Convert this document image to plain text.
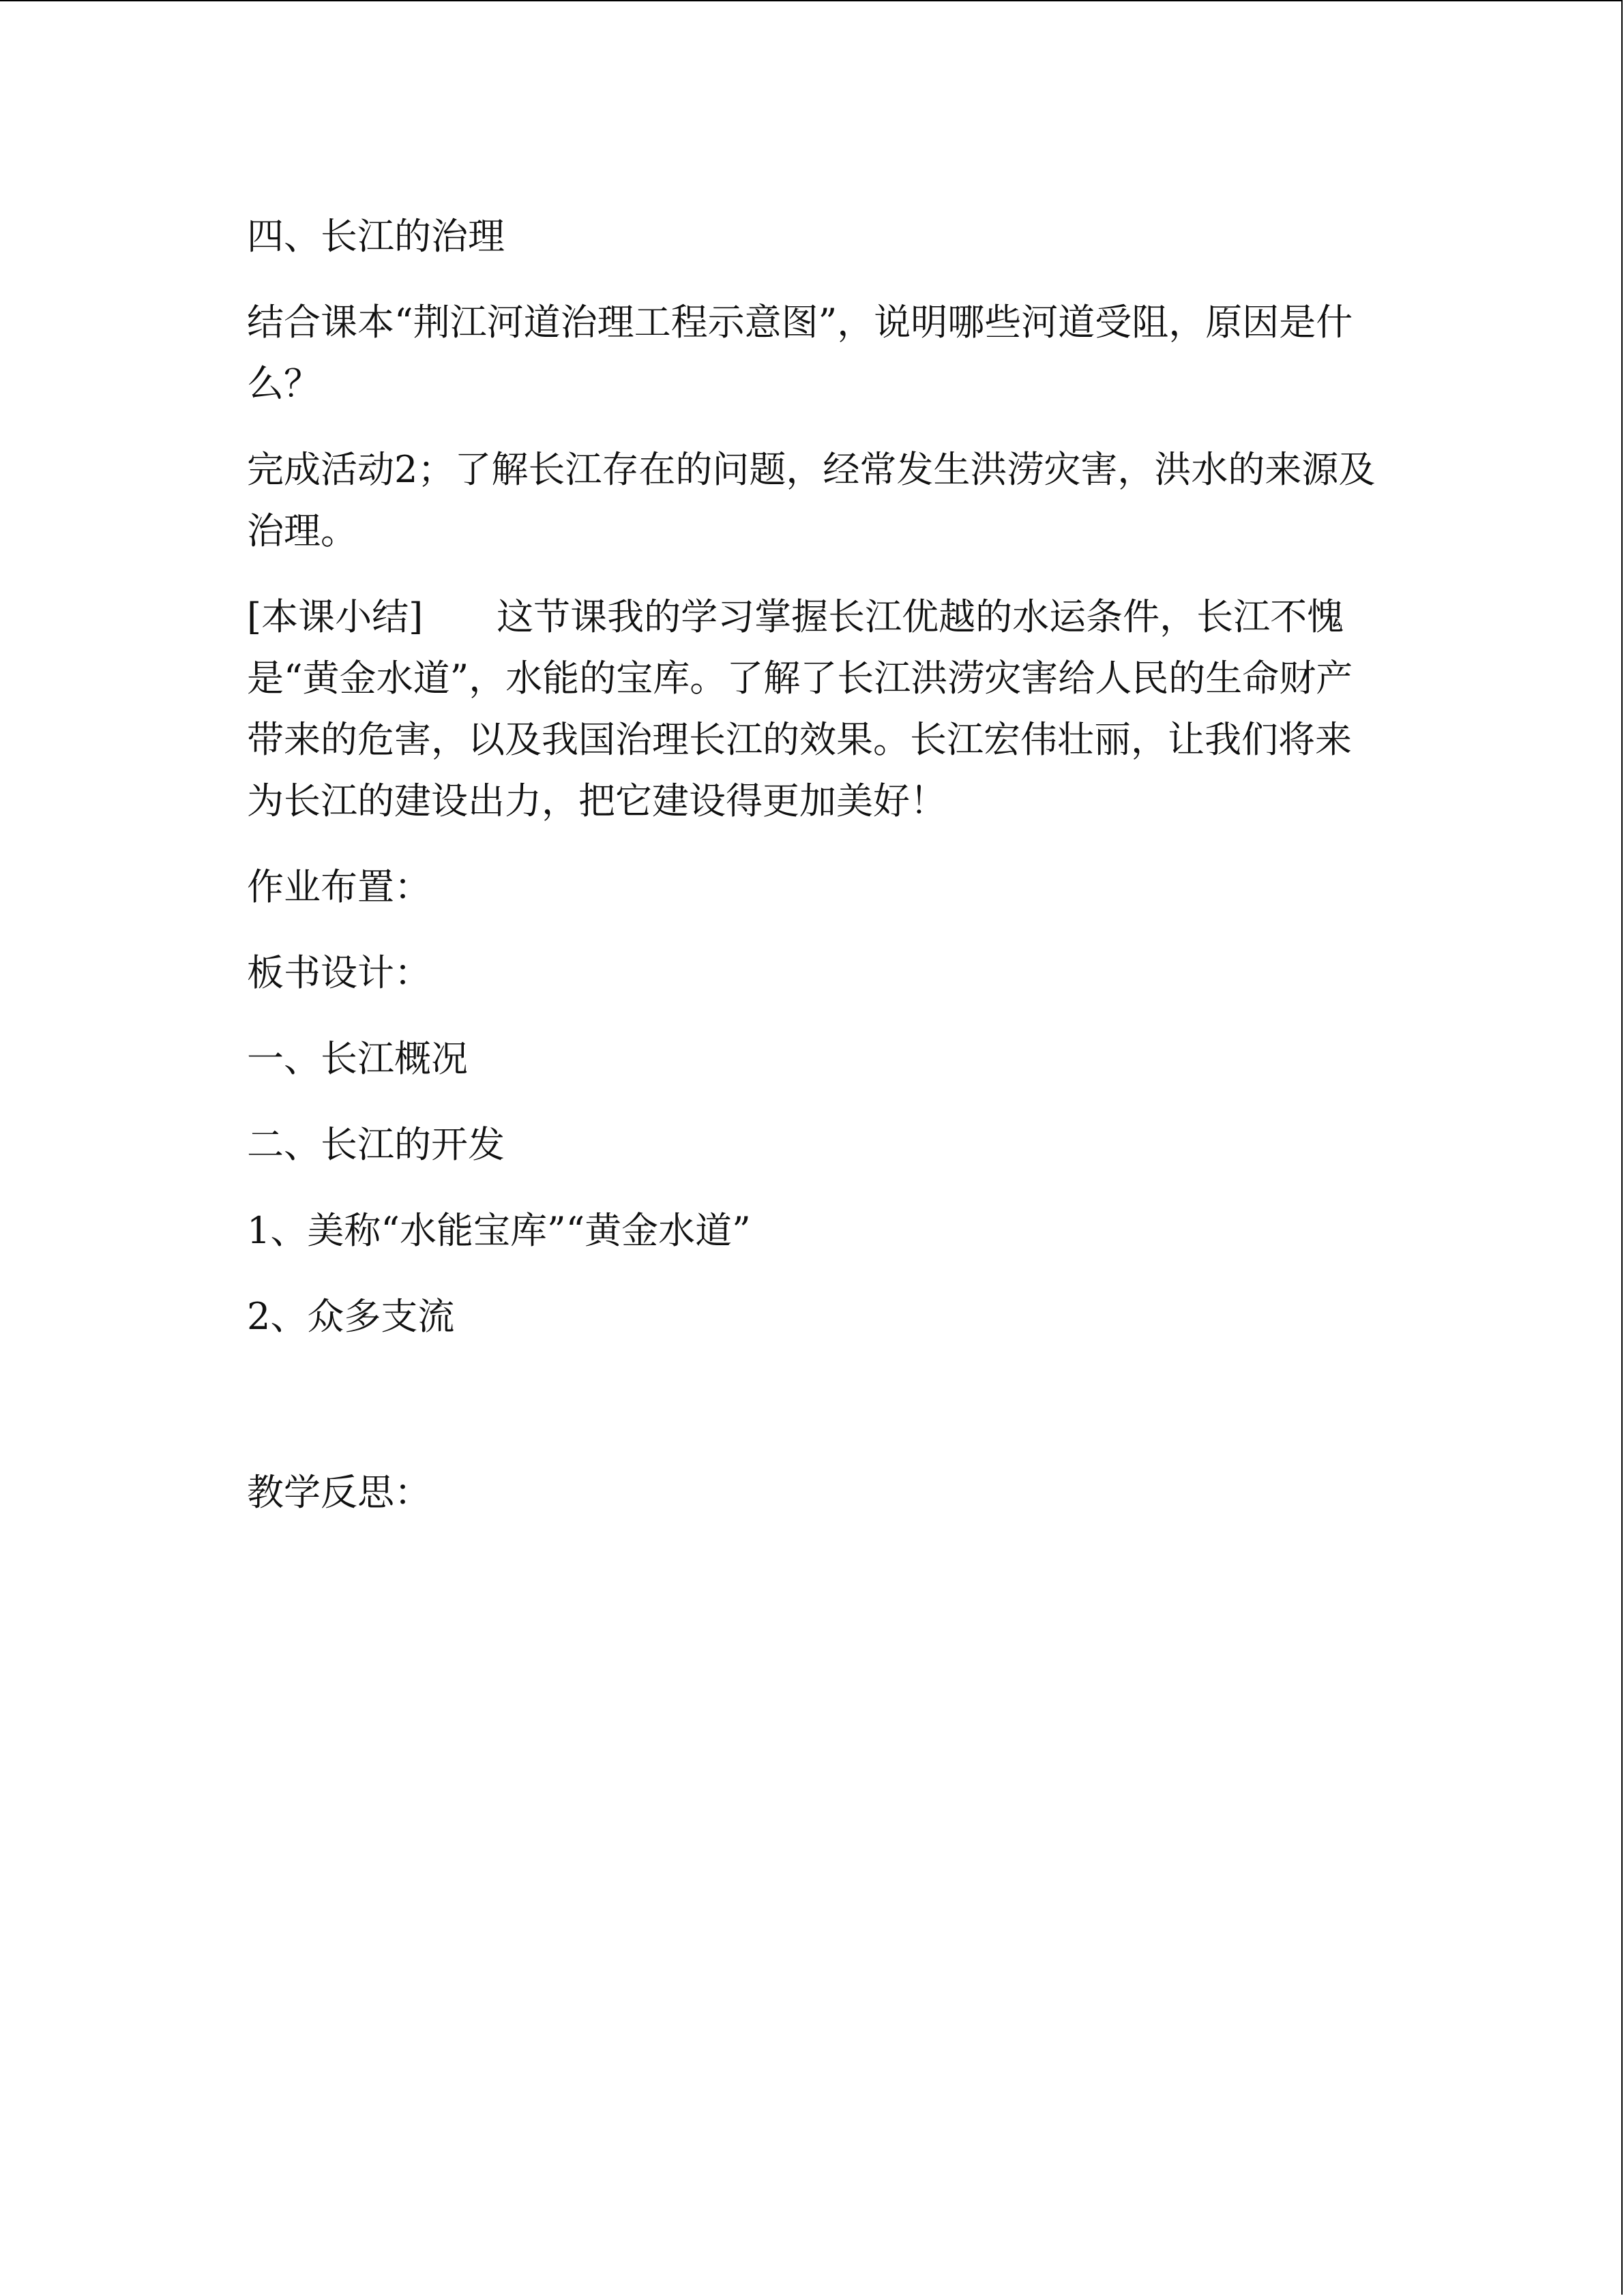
四、长江的治理

结合课本“荆江河道治理工程示意图”，说明哪些河道受阻，原因是什么？

完成活动2；了解长江存在的问题，经常发生洪涝灾害，洪水的来源及治理。

[本课小结]　　这节课我的学习掌握长江优越的水运条件，长江不愧是“黄金水道”，水能的宝库。了解了长江洪涝灾害给人民的生命财产带来的危害，以及我国治理长江的效果。长江宏伟壮丽，让我们将来为长江的建设出力，把它建设得更加美好！

作业布置：

板书设计：

一、长江概况

二、长江的开发

1、美称“水能宝库”“黄金水道”

2、众多支流

教学反思：
